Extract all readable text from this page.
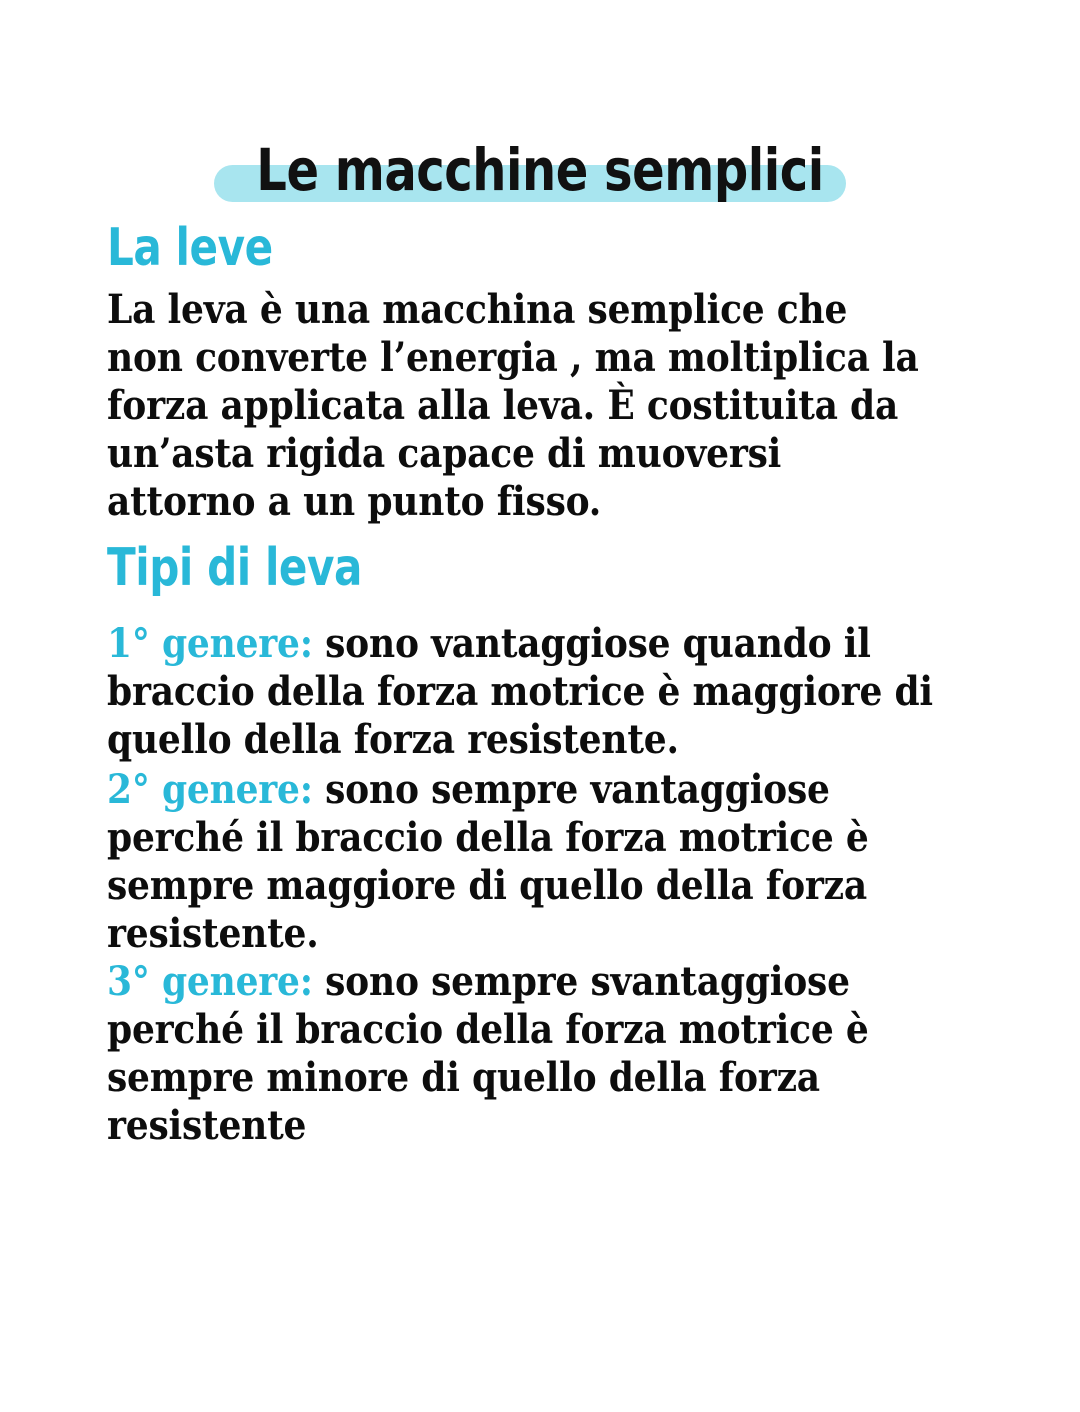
Le macchine semplici
La leve
La leva è una macchina semplice che
non converte l’energia , ma moltiplica la
forza applicata alla leva. È costituita da
un’asta rigida capace di muoversi
attorno a un punto fisso.
Tipi di leva
1° genere: sono vantaggiose quando il
braccio della forza motrice è maggiore di
quello della forza resistente.
2° genere: sono sempre vantaggiose
perché il braccio della forza motrice è
sempre maggiore di quello della forza
resistente.
3° genere: sono sempre svantaggiose
perché il braccio della forza motrice è
sempre minore di quello della forza
resistente
